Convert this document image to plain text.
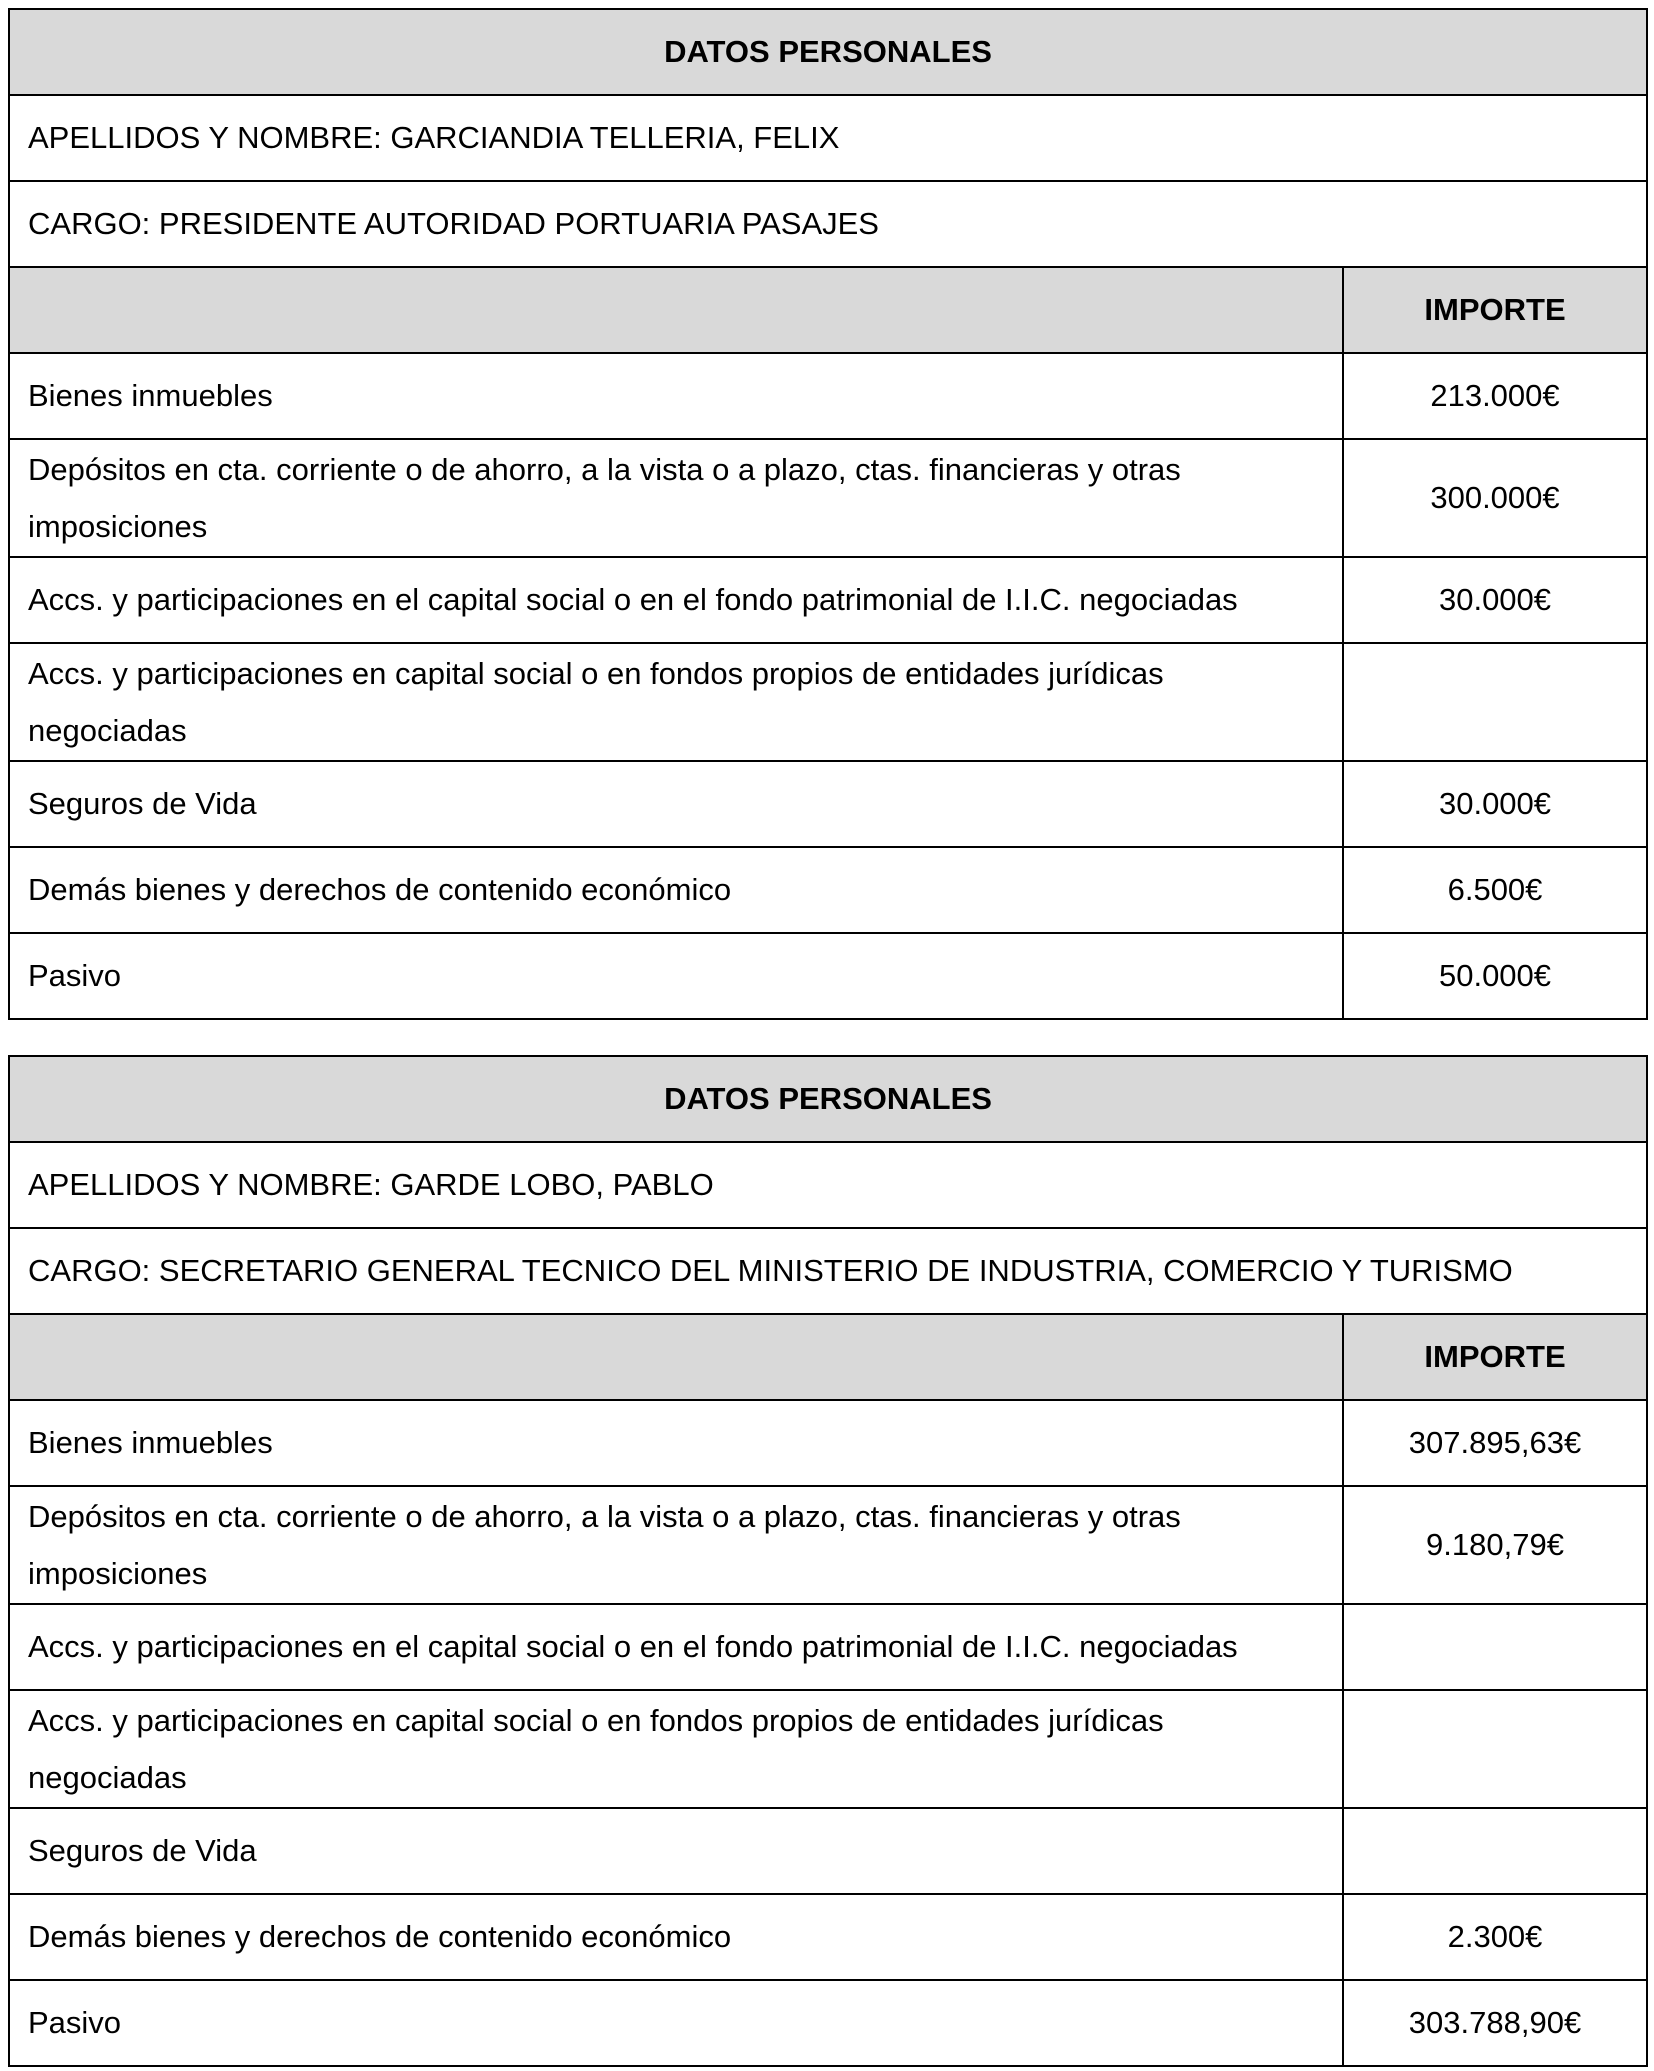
DATOS PERSONALES	
APELLIDOS Y NOMBRE: GARCIANDIA TELLERIA, FELIX	
CARGO: PRESIDENTE AUTORIDAD PORTUARIA PASAJES	
	IMPORTE
Bienes inmuebles	213.000€
Depósitos en cta. corriente o de ahorro, a la vista o a plazo, ctas. financieras y otras imposiciones	300.000€
Accs. y participaciones en el capital social o en el fondo patrimonial de I.I.C. negociadas	30.000€
Accs. y participaciones en capital social o en fondos propios de entidades jurídicas negociadas	
Seguros de Vida	30.000€
Demás bienes y derechos de contenido económico	6.500€
Pasivo	50.000€
DATOS PERSONALES	
APELLIDOS Y NOMBRE: GARDE LOBO, PABLO	
CARGO: SECRETARIO GENERAL TECNICO DEL MINISTERIO DE INDUSTRIA, COMERCIO Y TURISMO	
	IMPORTE
Bienes inmuebles	307.895,63€
Depósitos en cta. corriente o de ahorro, a la vista o a plazo, ctas. financieras y otras imposiciones	9.180,79€
Accs. y participaciones en el capital social o en el fondo patrimonial de I.I.C. negociadas	
Accs. y participaciones en capital social o en fondos propios de entidades jurídicas negociadas	
Seguros de Vida	
Demás bienes y derechos de contenido económico	2.300€
Pasivo	303.788,90€
